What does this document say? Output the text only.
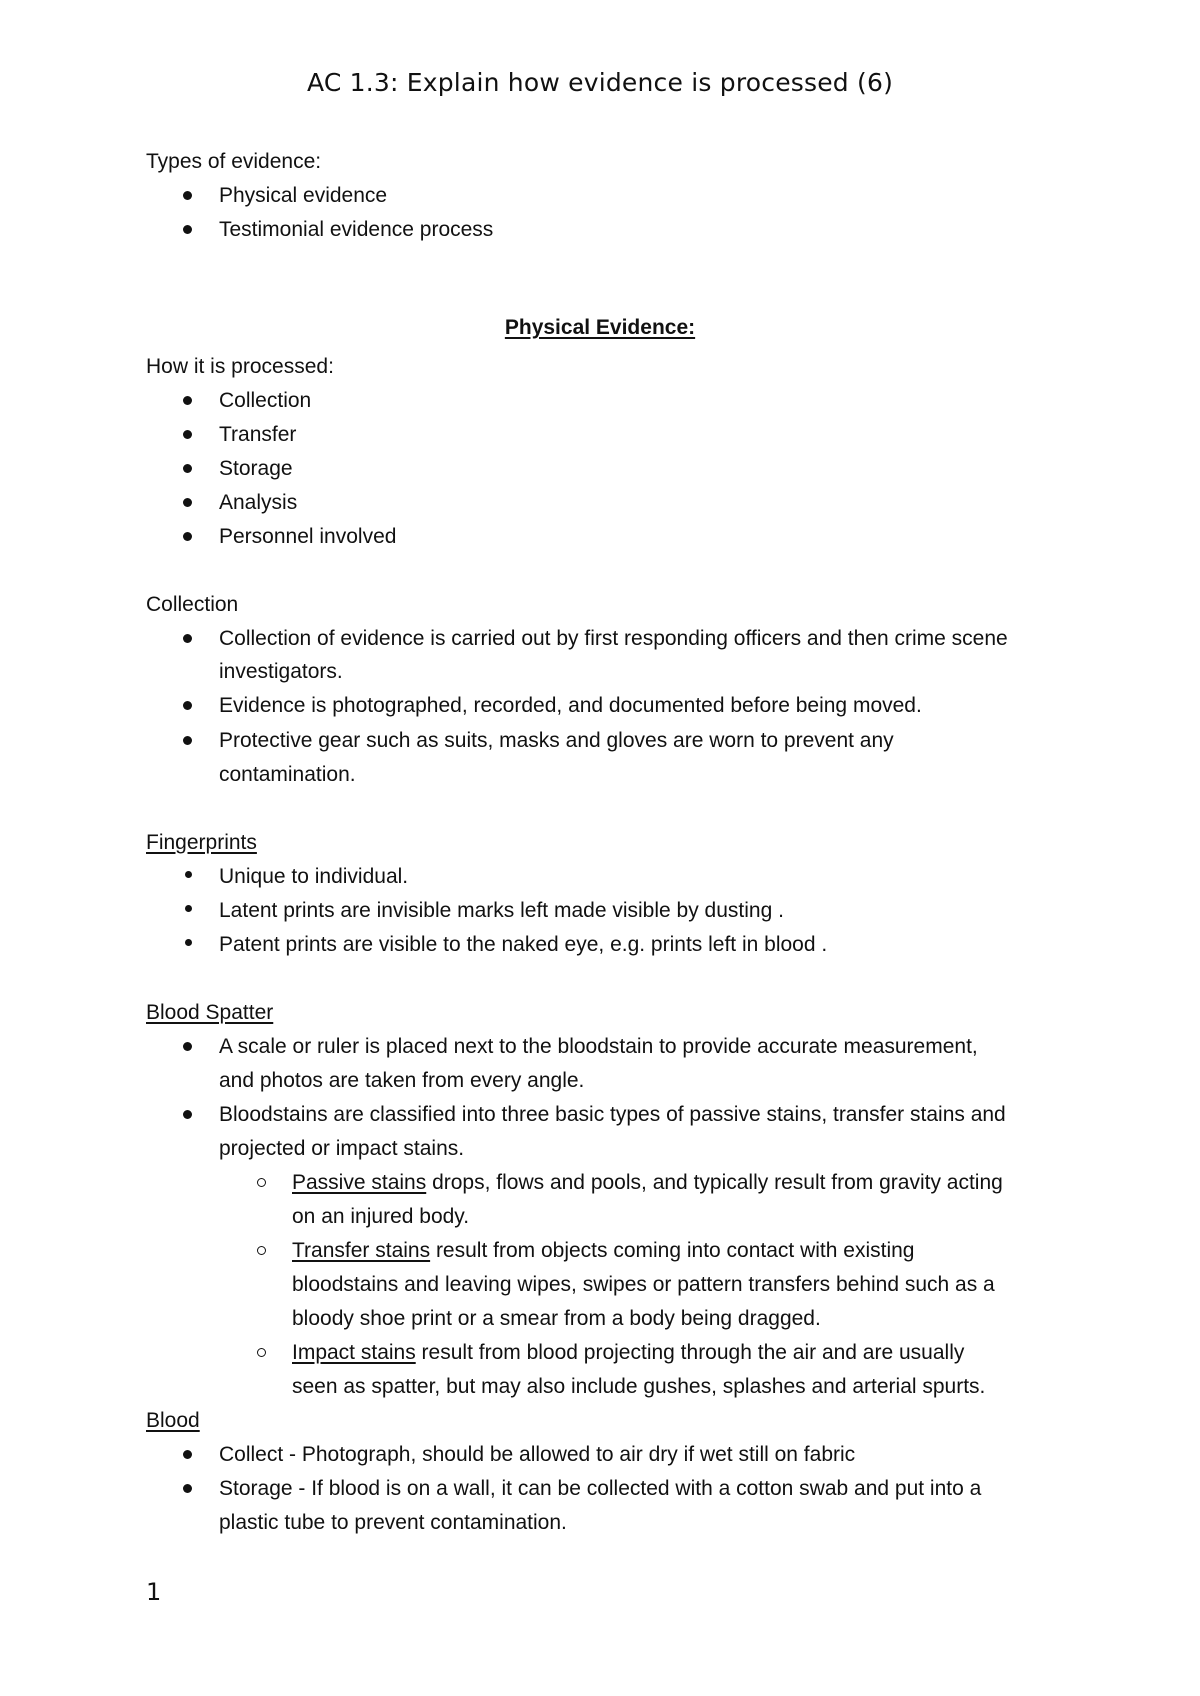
AC 1.3: Explain how evidence is processed (6)
Types of evidence:
Physical evidence
Testimonial evidence process
Physical Evidence:
How it is processed:
Collection
Transfer
Storage
Analysis
Personnel involved
Collection
Collection of evidence is carried out by first responding officers and then crime scene
investigators.
Evidence is photographed, recorded, and documented before being moved.
Protective gear such as suits, masks and gloves are worn to prevent any
contamination.
Fingerprints
Unique to individual.
Latent prints are invisible marks left made visible by dusting .
Patent prints are visible to the naked eye, e.g. prints left in blood .
Blood Spatter
A scale or ruler is placed next to the bloodstain to provide accurate measurement,
and photos are taken from every angle.
Bloodstains are classified into three basic types of passive stains, transfer stains and
projected or impact stains.
Passive stains drops, flows and pools, and typically result from gravity acting
on an injured body.
Transfer stains result from objects coming into contact with existing
bloodstains and leaving wipes, swipes or pattern transfers behind such as a
bloody shoe print or a smear from a body being dragged.
Impact stains result from blood projecting through the air and are usually
seen as spatter, but may also include gushes, splashes and arterial spurts.
Blood
Collect - Photograph, should be allowed to air dry if wet still on fabric
Storage - If blood is on a wall, it can be collected with a cotton swab and put into a
plastic tube to prevent contamination.
1
